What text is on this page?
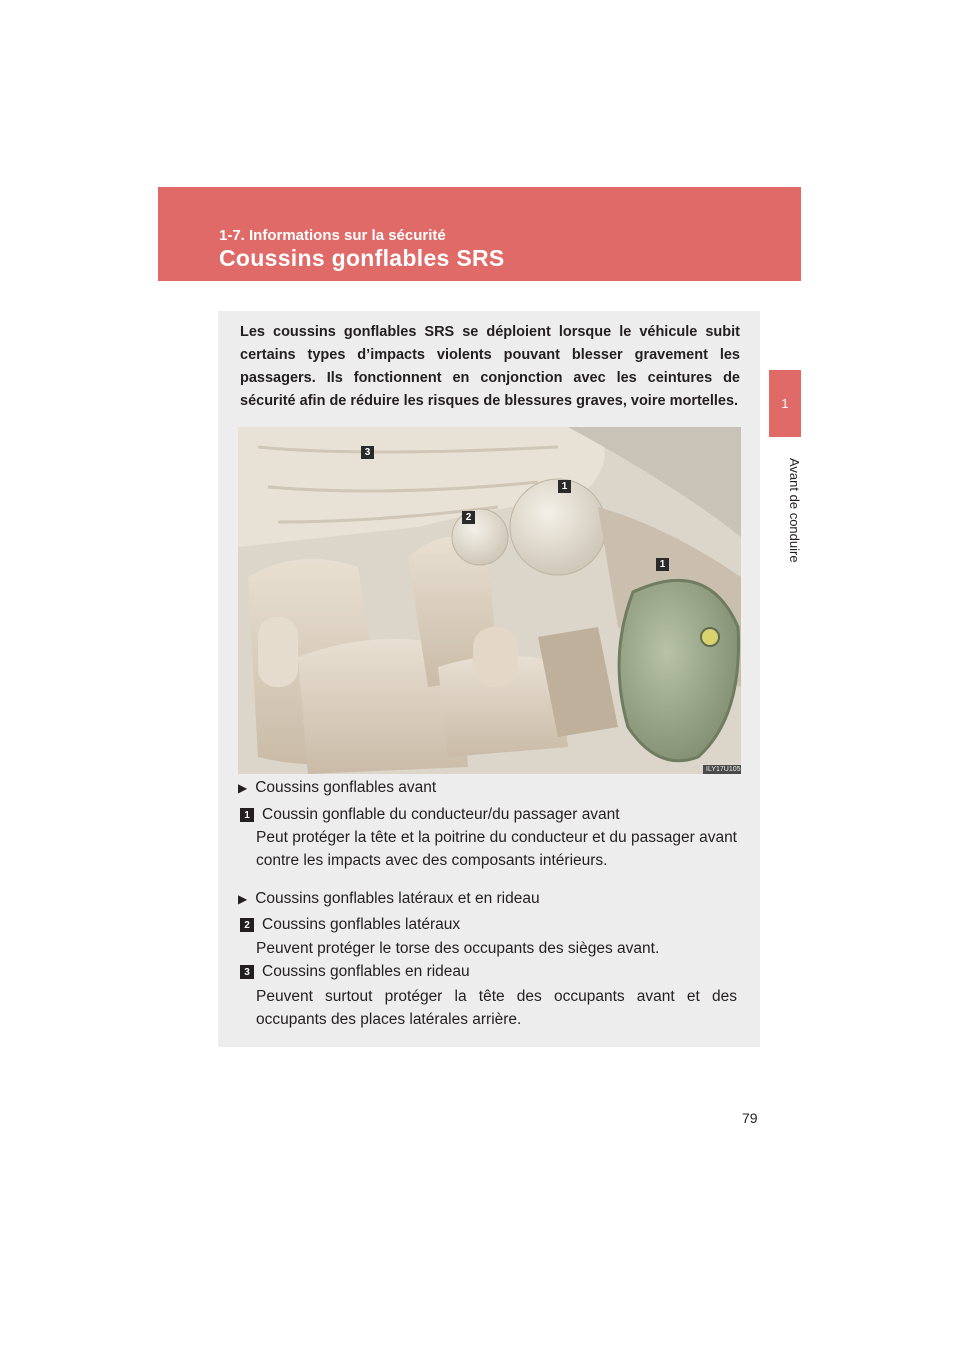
1-7. Informations sur la sécurité
Coussins gonflables SRS
1
Avant de conduire
Les coussins gonflables SRS se déploient lorsque le véhicule subit certains types d’impacts violents pouvant blesser gravement les passagers. Ils fonctionnent en conjonction avec les ceintures de sécurité afin de réduire les risques de blessures graves, voire mortelles.
3
1
2
1
ILY17U105
▶ Coussins gonflables avant
1 Coussin gonflable du conducteur/du passager avant
Peut protéger la tête et la poitrine du conducteur et du passager avant contre les impacts avec des composants intérieurs.
▶ Coussins gonflables latéraux et en rideau
2 Coussins gonflables latéraux
Peuvent protéger le torse des occupants des sièges avant.
3 Coussins gonflables en rideau
Peuvent surtout protéger la tête des occupants avant et des occupants des places latérales arrière.
79
